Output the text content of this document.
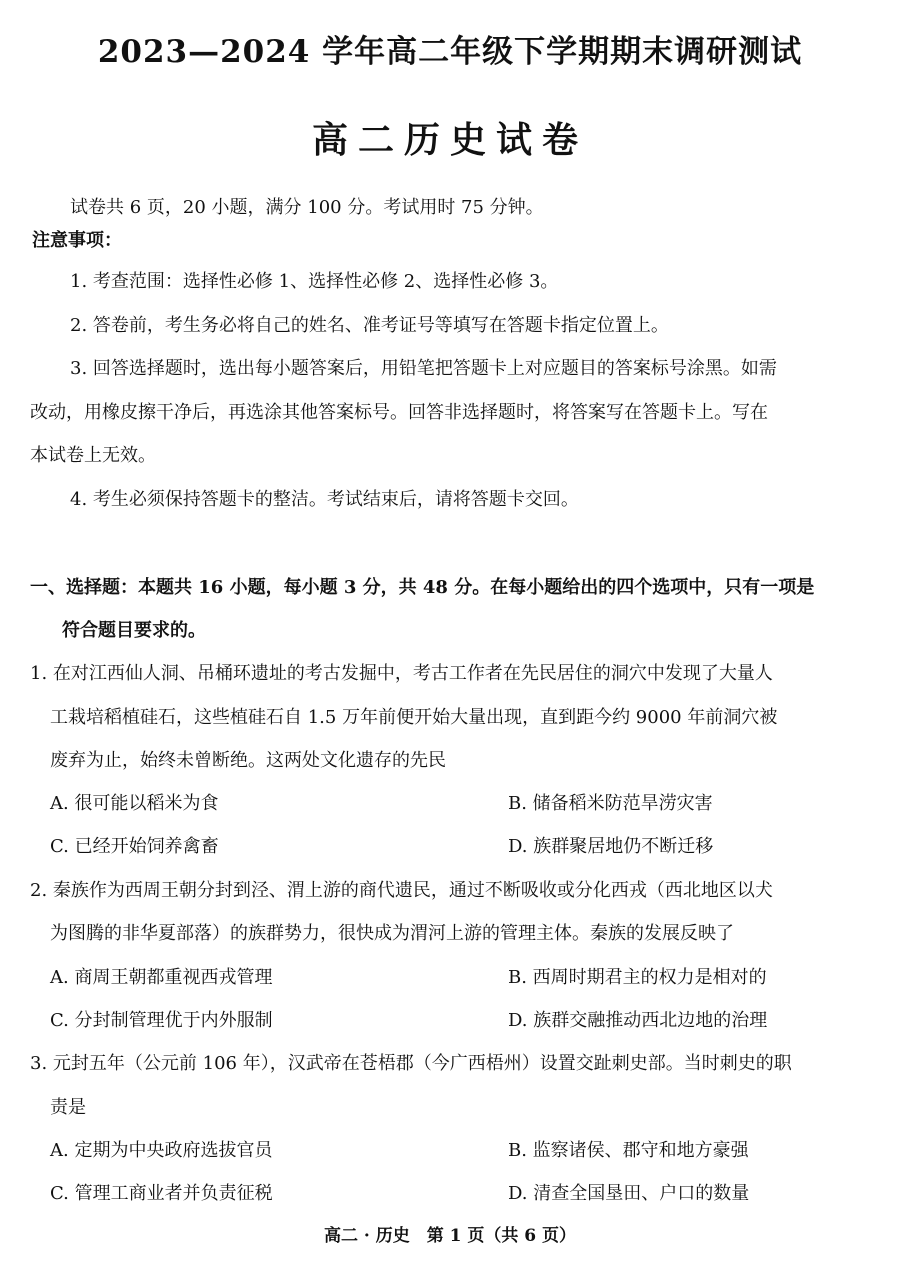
2023—2024 学年高二年级下学期期末调研测试
高二历史试卷
试卷共 6 页，20 小题，满分 100 分。考试用时 75 分钟。
注意事项：
1. 考查范围：选择性必修 1、选择性必修 2、选择性必修 3。
2. 答卷前，考生务必将自己的姓名、准考证号等填写在答题卡指定位置上。
3. 回答选择题时，选出每小题答案后，用铅笔把答题卡上对应题目的答案标号涂黑。如需
改动，用橡皮擦干净后，再选涂其他答案标号。回答非选择题时，将答案写在答题卡上。写在
本试卷上无效。
4. 考生必须保持答题卡的整洁。考试结束后，请将答题卡交回。
一、选择题：本题共 16 小题，每小题 3 分，共 48 分。在每小题给出的四个选项中，只有一项是
符合题目要求的。
1. 在对江西仙人洞、吊桶环遗址的考古发掘中，考古工作者在先民居住的洞穴中发现了大量人
工栽培稻植硅石，这些植硅石自 1.5 万年前便开始大量出现，直到距今约 9000 年前洞穴被
废弃为止，始终未曾断绝。这两处文化遗存的先民
A. 很可能以稻米为食	B. 储备稻米防范旱涝灾害
C. 已经开始饲养禽畜	D. 族群聚居地仍不断迁移
2. 秦族作为西周王朝分封到泾、渭上游的商代遗民，通过不断吸收或分化西戎（西北地区以犬
为图腾的非华夏部落）的族群势力，很快成为渭河上游的管理主体。秦族的发展反映了
A. 商周王朝都重视西戎管理	B. 西周时期君主的权力是相对的
C. 分封制管理优于内外服制	D. 族群交融推动西北边地的治理
3. 元封五年（公元前 106 年），汉武帝在苍梧郡（今广西梧州）设置交趾刺史部。当时刺史的职
责是
A. 定期为中央政府选拔官员	B. 监察诸侯、郡守和地方豪强
C. 管理工商业者并负责征税	D. 清查全国垦田、户口的数量
高二 · 历史　第 1 页（共 6 页）
